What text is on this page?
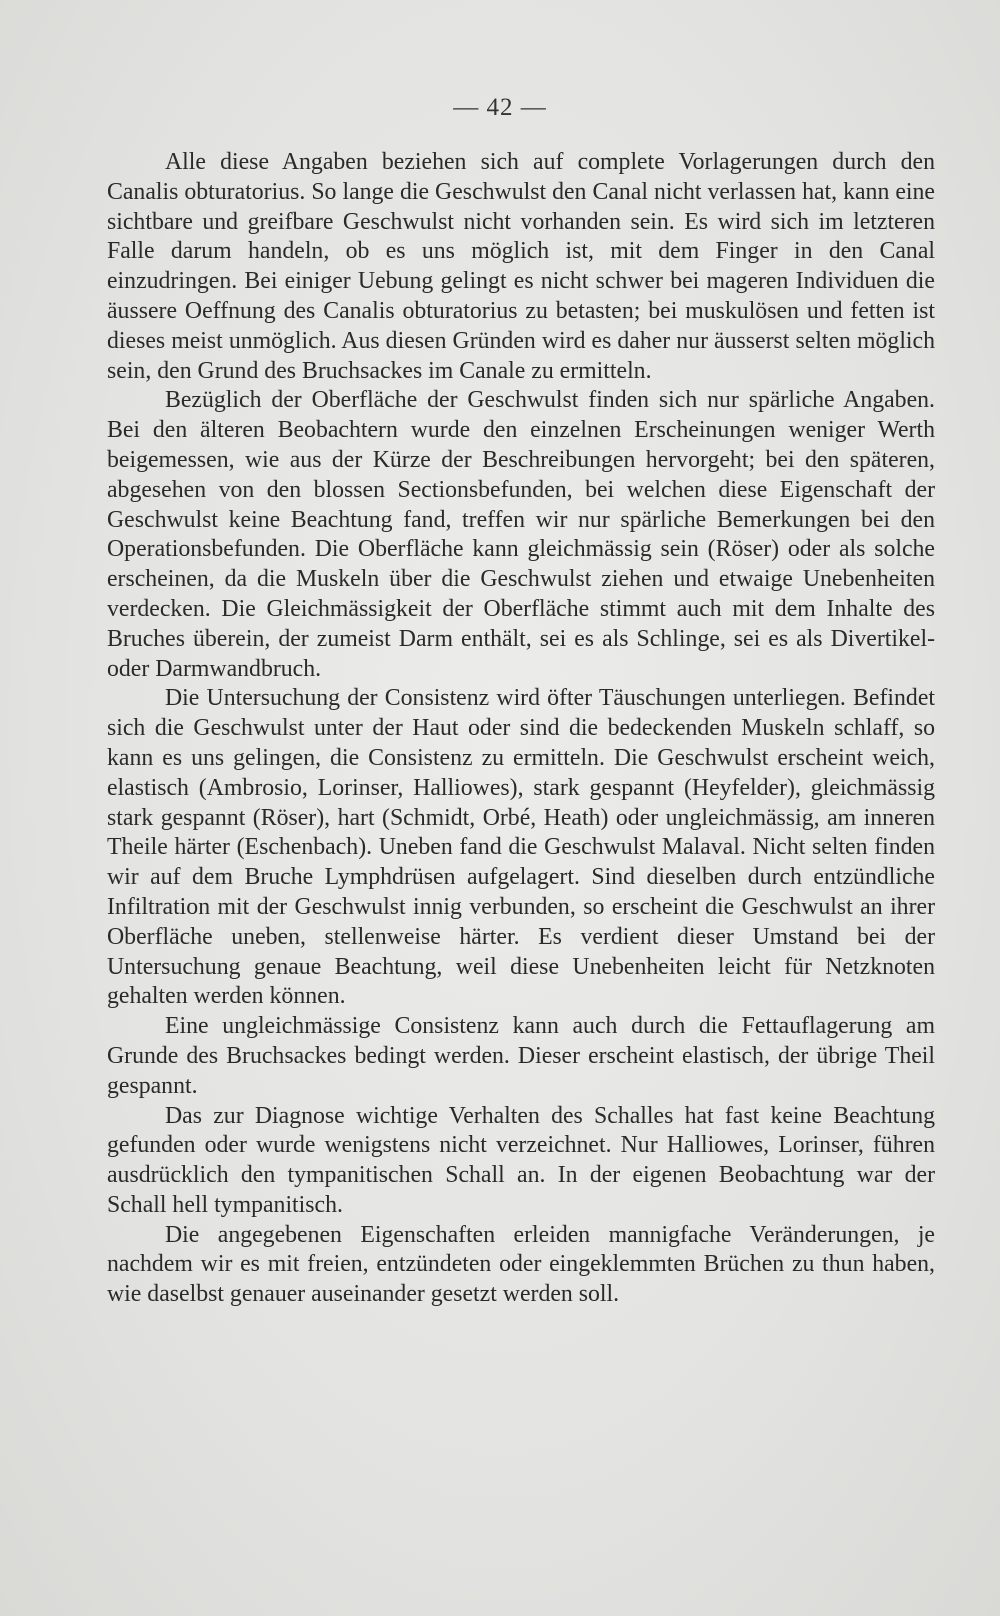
— 42 —

Alle diese Angaben beziehen sich auf complete Vorlagerungen durch den Canalis obturatorius. So lange die Geschwulst den Canal nicht verlassen hat, kann eine sichtbare und greifbare Geschwulst nicht vorhanden sein. Es wird sich im letzteren Falle darum handeln, ob es uns möglich ist, mit dem Finger in den Canal einzudringen. Bei einiger Uebung gelingt es nicht schwer bei mageren Individuen die äussere Oeffnung des Canalis obturatorius zu betasten; bei muskulösen und fetten ist dieses meist unmöglich. Aus diesen Gründen wird es daher nur äusserst selten möglich sein, den Grund des Bruchsackes im Canale zu ermitteln.

Bezüglich der Oberfläche der Geschwulst finden sich nur spärliche Angaben. Bei den älteren Beobachtern wurde den einzelnen Erscheinungen weniger Werth beigemessen, wie aus der Kürze der Beschreibungen hervorgeht; bei den späteren, abgesehen von den blossen Sectionsbefunden, bei welchen diese Eigenschaft der Geschwulst keine Beachtung fand, treffen wir nur spärliche Bemerkungen bei den Operationsbefunden. Die Oberfläche kann gleichmässig sein (Röser) oder als solche erscheinen, da die Muskeln über die Geschwulst ziehen und etwaige Unebenheiten verdecken. Die Gleichmässigkeit der Oberfläche stimmt auch mit dem Inhalte des Bruches überein, der zumeist Darm enthält, sei es als Schlinge, sei es als Divertikel- oder Darmwandbruch.

Die Untersuchung der Consistenz wird öfter Täuschungen unterliegen. Befindet sich die Geschwulst unter der Haut oder sind die bedeckenden Muskeln schlaff, so kann es uns gelingen, die Consistenz zu ermitteln. Die Geschwulst erscheint weich, elastisch (Ambrosio, Lorinser, Halliowes), stark gespannt (Heyfelder), gleichmässig stark gespannt (Röser), hart (Schmidt, Orbé, Heath) oder ungleichmässig, am inneren Theile härter (Eschenbach). Uneben fand die Geschwulst Malaval. Nicht selten finden wir auf dem Bruche Lymphdrüsen aufgelagert. Sind dieselben durch entzündliche Infiltration mit der Geschwulst innig verbunden, so erscheint die Geschwulst an ihrer Oberfläche uneben, stellenweise härter. Es verdient dieser Umstand bei der Untersuchung genaue Beachtung, weil diese Unebenheiten leicht für Netzknoten gehalten werden können.

Eine ungleichmässige Consistenz kann auch durch die Fettauflagerung am Grunde des Bruchsackes bedingt werden. Dieser erscheint elastisch, der übrige Theil gespannt.

Das zur Diagnose wichtige Verhalten des Schalles hat fast keine Beachtung gefunden oder wurde wenigstens nicht verzeichnet. Nur Halliowes, Lorinser, führen ausdrücklich den tympanitischen Schall an. In der eigenen Beobachtung war der Schall hell tympanitisch.

Die angegebenen Eigenschaften erleiden mannigfache Veränderungen, je nachdem wir es mit freien, entzündeten oder eingeklemmten Brüchen zu thun haben, wie daselbst genauer auseinander gesetzt werden soll.
